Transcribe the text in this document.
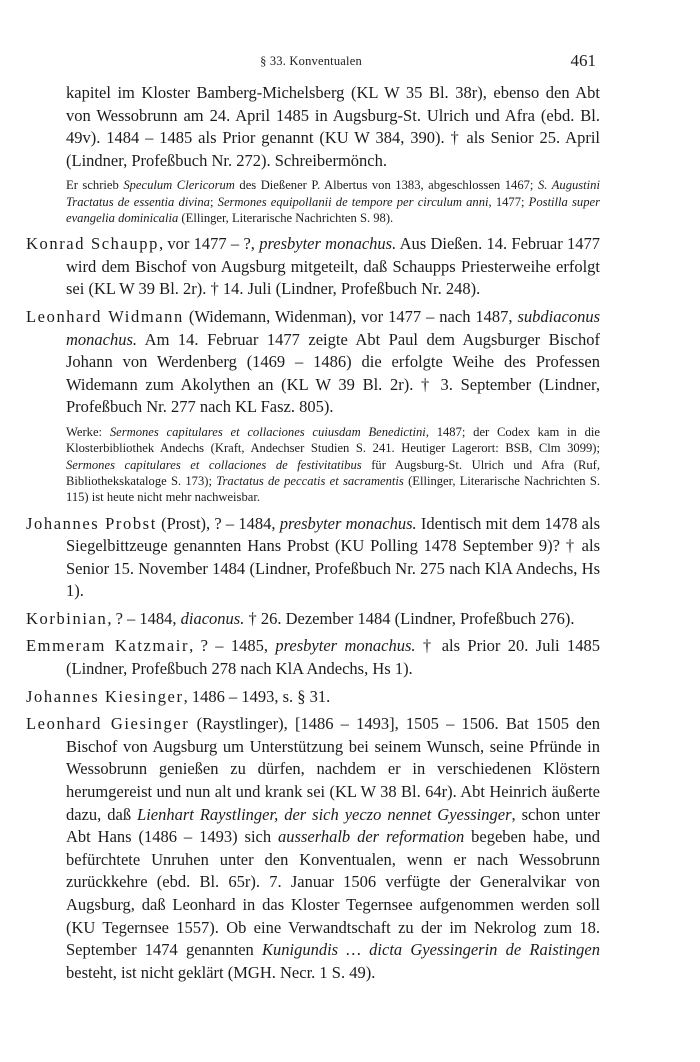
§ 33. Konventualen	461

kapitel im Kloster Bamberg-Michelsberg (KL W 35 Bl. 38r), ebenso den Abt von Wessobrunn am 24. April 1485 in Augsburg-St. Ulrich und Afra (ebd. Bl. 49v). 1484 – 1485 als Prior genannt (KU W 384, 390). † als Senior 25. April (Lindner, Profeßbuch Nr. 272). Schreibermönch.

Er schrieb Speculum Clericorum des Dießener P. Albertus von 1383, abgeschlossen 1467; S. Augustini Tractatus de essentia divina; Sermones equipollanii de tempore per circulum anni, 1477; Postilla super evangelia dominicalia (Ellinger, Literarische Nachrichten S. 98).

Konrad Schaupp, vor 1477 – ?, presbyter monachus. Aus Dießen. 14. Februar 1477 wird dem Bischof von Augsburg mitgeteilt, daß Schaupps Priesterweihe erfolgt sei (KL W 39 Bl. 2r). † 14. Juli (Lindner, Profeßbuch Nr. 248).

Leonhard Widmann (Widemann, Widenman), vor 1477 – nach 1487, subdiaconus monachus. Am 14. Februar 1477 zeigte Abt Paul dem Augsburger Bischof Johann von Werdenberg (1469 – 1486) die erfolgte Weihe des Professen Widemann zum Akolythen an (KL W 39 Bl. 2r). † 3. September (Lindner, Profeßbuch Nr. 277 nach KL Fasz. 805).

Werke: Sermones capitulares et collaciones cuiusdam Benedictini, 1487; der Codex kam in die Klosterbibliothek Andechs (Kraft, Andechser Studien S. 241. Heutiger Lagerort: BSB, Clm 3099); Sermones capitulares et collaciones de festivitatibus für Augsburg-St. Ulrich und Afra (Ruf, Bibliothekskataloge S. 173); Tractatus de peccatis et sacramentis (Ellinger, Literarische Nachrichten S. 115) ist heute nicht mehr nachweisbar.

Johannes Probst (Prost), ? – 1484, presbyter monachus. Identisch mit dem 1478 als Siegelbittzeuge genannten Hans Probst (KU Polling 1478 September 9)? † als Senior 15. November 1484 (Lindner, Profeßbuch Nr. 275 nach KlA Andechs, Hs 1).

Korbinian, ? – 1484, diaconus. † 26. Dezember 1484 (Lindner, Profeßbuch 276).

Emmeram Katzmair, ? – 1485, presbyter monachus. † als Prior 20. Juli 1485 (Lindner, Profeßbuch 278 nach KlA Andechs, Hs 1).

Johannes Kiesinger, 1486 – 1493, s. § 31.

Leonhard Giesinger (Raystlinger), [1486 – 1493], 1505 – 1506. Bat 1505 den Bischof von Augsburg um Unterstützung bei seinem Wunsch, seine Pfründe in Wessobrunn genießen zu dürfen, nachdem er in verschiedenen Klöstern herumgereist und nun alt und krank sei (KL W 38 Bl. 64r). Abt Heinrich äußerte dazu, daß Lienhart Raystlinger, der sich yeczo nennet Gyessinger, schon unter Abt Hans (1486 – 1493) sich ausserhalb der reformation begeben habe, und befürchtete Unruhen unter den Konventualen, wenn er nach Wessobrunn zurückkehre (ebd. Bl. 65r). 7. Januar 1506 verfügte der Generalvikar von Augsburg, daß Leonhard in das Kloster Tegernsee aufgenommen werden soll (KU Tegernsee 1557). Ob eine Verwandtschaft zu der im Nekrolog zum 18. September 1474 genannten Kunigundis … dicta Gyessingerin de Raistingen besteht, ist nicht geklärt (MGH. Necr. 1 S. 49).
